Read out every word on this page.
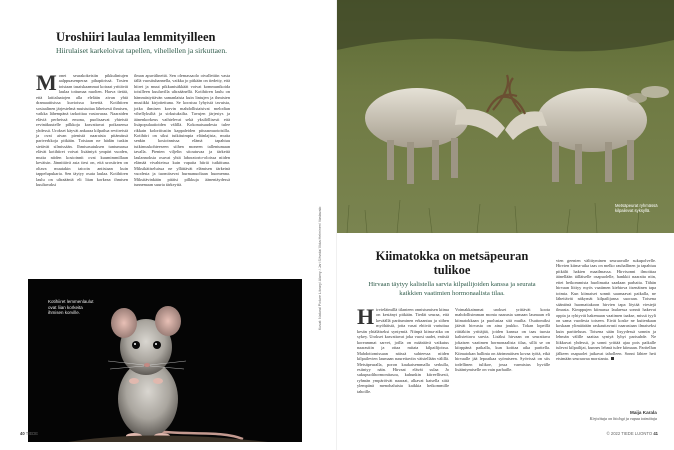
Uroshiiri laulaa lemmityilleen
Hiirulaiset karkeloivat tapellen, vihellellen ja sirkuttaen.
M onet seurakokeisiin pikkulintujen aalppuasenperaa pihapiirissä. Tosien toistaan tasaiskaammat koiraat yrittävät laulaa tottumaa nuolten. Harva tietää, että lattialaatojen alla elelään aivan yhtä dramaattisissa kuvioissa kerettä. Kotihiiren sosiaalinen järjestelmä muistuttaa läheisesti ihmisen, vaikka lähempänä tarkoittaa vastavaraa. Naaraiden eläviä perheissä emona, puolisaavat yhteistä revinäkuutelle pilkkoja kasvattavat poikasensa yhdessä. Urokset käyvät ankaraa kilpailua reviireistä ja ovat aivan pienistä naaraista pitämässä pariverkkoja pitkään. Toisiaan ne hädän tuskin sietävät silmissään. Ihmisasutuksen tuntumassa elävät kotihiiret voivat lisääntyä ympäri vuoden, mutta niiden kosioinnit ovat kuumimmillaan keväisin. Jännittävä asia tiesi on, että urosiirien on oltava muutakin taicoin antistaan kuin tappelupukaria. Sen täytyy osata laulaa. Kotihiiren laulu on ultraääntä eli liian korkeaa ihmisen kuultavaksi
ilman apuvälineitä. Sen olemassaolo oivallettiin vasta tällä vuosituhannella, vaikka jo pitkään on tiedetty, että hiiret ja muut pikkunisäkkäät voivat kommunikoida toisilleen kuuluvilla ultraäänellä. Kotihiiren laulu on hämmästyttävän samanlaista kuin lintujen ja ihmisten musiikki kirjoitettuna. Se koostuu lyhyistä tavuista, jotka ihmisen korvin mahdollistaisivat melodian vihellyksiltä ja sirkutuksilta. Tavujen järjestys ja äänenkorkeus vaihtelevat sekä yksilöllisesti että lisäpopulaatioiden välillä. Kokonaisuudesta tulee rikkain koloriitusiin kappaleiden pituusmuotoisilla. Kotihiiri on siksi tutkituimpia eläinlajista, mutta senkin kosioinnissa elämä tapahtuu tutkimuskohteeseen siihen moneen tallentumaan tavalla. Pienten viljelin sitoutuvaa ja tärkeitä laulannoksia osuvat yhtä laboratorio-oloissa niiden elämää vivahteissa kuin vapaita hiiriä tutkittuna. Miksikätiseluissa ne yllättävät elämisen tärkeinä vuodesta ja tuomitsevat hurmanuoltaan huomenna. Miksitävinkään pitäisi pilkkuja äänentäydessä tunnemaan suurta tärkeyttä.
Kotihiiret lemmenlaulut ovat liian korkeita ihmisen korville.	Kuvat: Natural Picture Library/ Alamy / Jari Sihvola/ Ilkka Helminen/ Vastavalo
40 TIEDE
Metsäpeurat ryhmässä kilpailevat syksyllä.
Kiimatokka on metsäpeuran tulikoe
Hirvaan täytyy kalistella sarvia kilpailijoiden kanssa ja seurata kaikkien vaatimien hormonaalista tilaa.
H irvieläimillä tilanteen onnistumisen kiima on kestänyt pitkään. Tiedät seuraa, että keväällä parituminen erkaantuu ja siihen myöhäistä, jotta vasat ehtivät vartuttua kesän yhtäläiseksi syntymiä. Niinpä kiima-aika on sykey. Urokset kasvattavat joka vuosi uudet, entistä koreammat sarvet, joilla on määräävä vaikutus naarastiin ja ottaa mitata kilpailijoissa. Mahdottomissaan näissä suhteessa niiden kilpailevien laumaan naurettaviin väistellään välillä. Metsäpeuralla, poron kaukaisemmalla serkulla, esiintyy näin. Hirvaat elävät sulaa Jo sukupuolihormonitasoa, kuhunkin kiireellisesti, ryhmän ympäröivät naaraat, alkavat katsella siitä ylempänä menohaluista kaikkia heikommille tahoille.
Voimakkaimmat urokset yrittävät koota mahdollisimman monta naarasta samaan laumaan eli kiimatokkaan ja puolustaa sitä muilta. Osattomiksi jäävät hirvasta on aina joukko. Tokan lopeillä riittäkiin yrittäjää, joiden kanssa on taas tuosta kalistettava sarvia. Lisäksi hirvaan on seurattava jokaisen vaatimen hormonaalista tilaa, sillä se on kiirppänä paikalla, kun koittaa aika paritella. Kiimatokan hallinta on äärimmäisen kovaa työtä, eikä hirvaalle jää lepoaikaa syömiseen. Syövissä on siis todellinen tulikoe, jossa varmistus hyvälle lisääntymiselle on vain parhaille.
vien geenien välittyminen seuraavalle sukupolvelle. Hirvien kiima-aika taas on melko rauhallinen ja tapahtuu pitkälti hakien maailmassa. Hirvisonni ilmoittaa äänellään tälläiselle osapuolelle, hankkii naaraita niin, ettei heikommista huolimatta saadaan parhaita. Tähän hirvaan liittyy myös vaatimen kiehtova itsenäinen tapa toimia. Kun kiimaiset sonnit saarnaavat paikalla, ne lähettävät näkymät kilpailijansa suoraan. Toisena sääntönä huomattakoon hirvien tapa löytää viestejä ilmasta. Kimppujen kiimassa laulaessa sonnit hakevat oppia ja ryhtyvät hakemaan vaatimen taakse, missä tyyli on sama vuodesta toiseen. Eivät koske ne kuitenkaan koskaan ylimäärään raskauttavasti naarastaan ilmaiseksi kuin paritteluun. Toisena sään lisyydessä sonnin ja lehmän välille saattaa syntyä lyhyt parisuhde. Ne liikkuvat yhdessä, ja sonni yrittää ajaa pois paikalle tulevat kilpailijat, kunnes lehmä tulee kiimaan. Paritellun jälkeen osapuolet jatkavat taholleen. Sonni lähtee heti etsimään seuraavaa morsianta.
Maija Karala
Kirjoittaja on biologi ja vapaa toimittaja
© 2022 TIEDE LUONTO 41
